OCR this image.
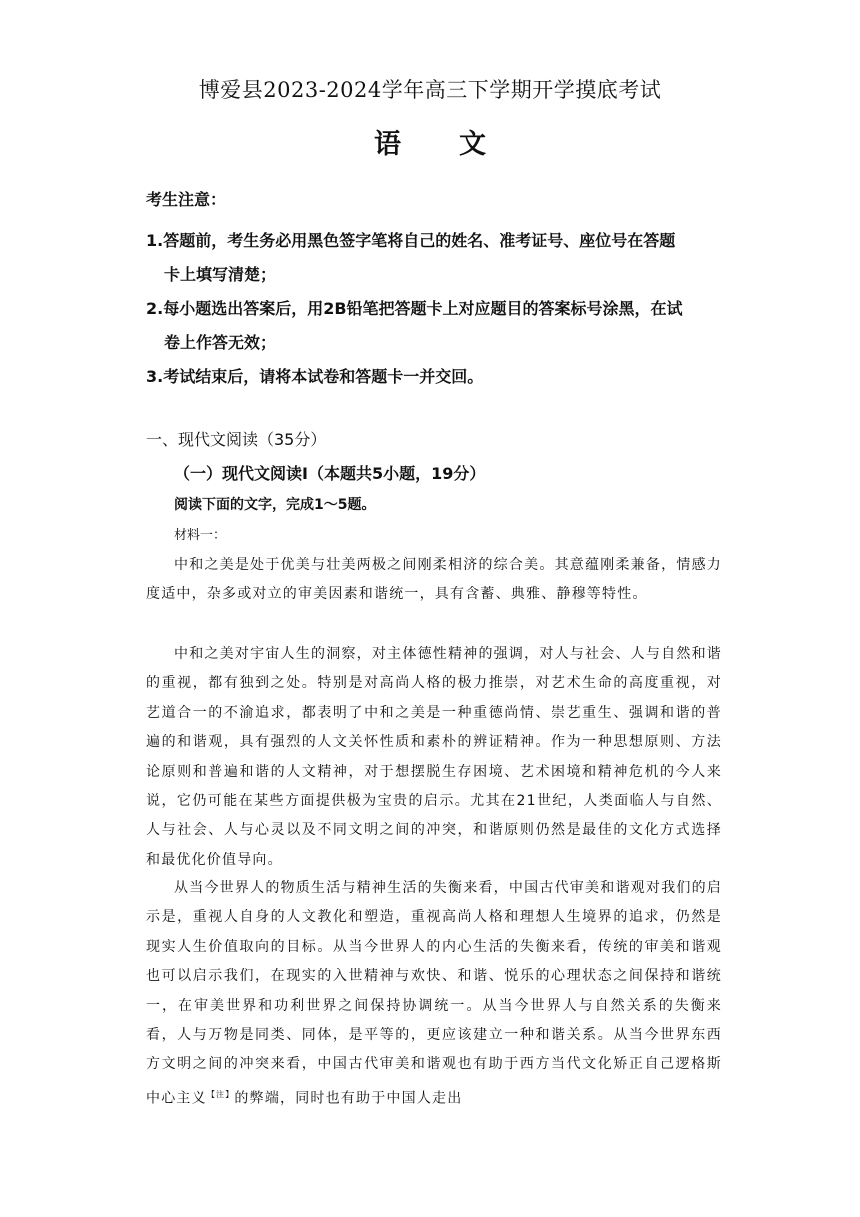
博爱县2023-2024学年高三下学期开学摸底考试
语 文
考生注意：
1.答题前，考生务必用黑色签字笔将自己的姓名、准考证号、座位号在答题
卡上填写清楚；
2.每小题选出答案后，用2B铅笔把答题卡上对应题目的答案标号涂黑，在试
卷上作答无效；
3.考试结束后，请将本试卷和答题卡一并交回。
一、现代文阅读（35分）
（一）现代文阅读Ⅰ（本题共5小题，19分）
阅读下面的文字，完成1～5题。
材料一：
中和之美是处于优美与壮美两极之间刚柔相济的综合美。其意蕴刚柔兼备，情感力度适中，杂多或对立的审美因素和谐统一，具有含蓄、典雅、静穆等特性。
中和之美对宇宙人生的洞察，对主体德性精神的强调，对人与社会、人与自然和谐的重视，都有独到之处。特别是对高尚人格的极力推崇，对艺术生命的高度重视，对艺道合一的不渝追求，都表明了中和之美是一种重德尚情、崇艺重生、强调和谐的普遍的和谐观，具有强烈的人文关怀性质和素朴的辨证精神。作为一种思想原则、方法论原则和普遍和谐的人文精神，对于想摆脱生存困境、艺术困境和精神危机的今人来说，它仍可能在某些方面提供极为宝贵的启示。尤其在21世纪，人类面临人与自然、人与社会、人与心灵以及不同文明之间的冲突，和谐原则仍然是最佳的文化方式选择和最优化价值导向。
从当今世界人的物质生活与精神生活的失衡来看，中国古代审美和谐观对我们的启示是，重视人自身的人文教化和塑造，重视高尚人格和理想人生境界的追求，仍然是现实人生价值取向的目标。从当今世界人的内心生活的失衡来看，传统的审美和谐观也可以启示我们，在现实的入世精神与欢快、和谐、悦乐的心理状态之间保持和谐统一，在审美世界和功利世界之间保持协调统一。从当今世界人与自然关系的失衡来看，人与万物是同类、同体，是平等的，更应该建立一种和谐关系。从当今世界东西方文明之间的冲突来看，中国古代审美和谐观也有助于西方当代文化矫正自己逻格斯中心主义$^{【注】}$的弊端，同时也有助于中国人走出
